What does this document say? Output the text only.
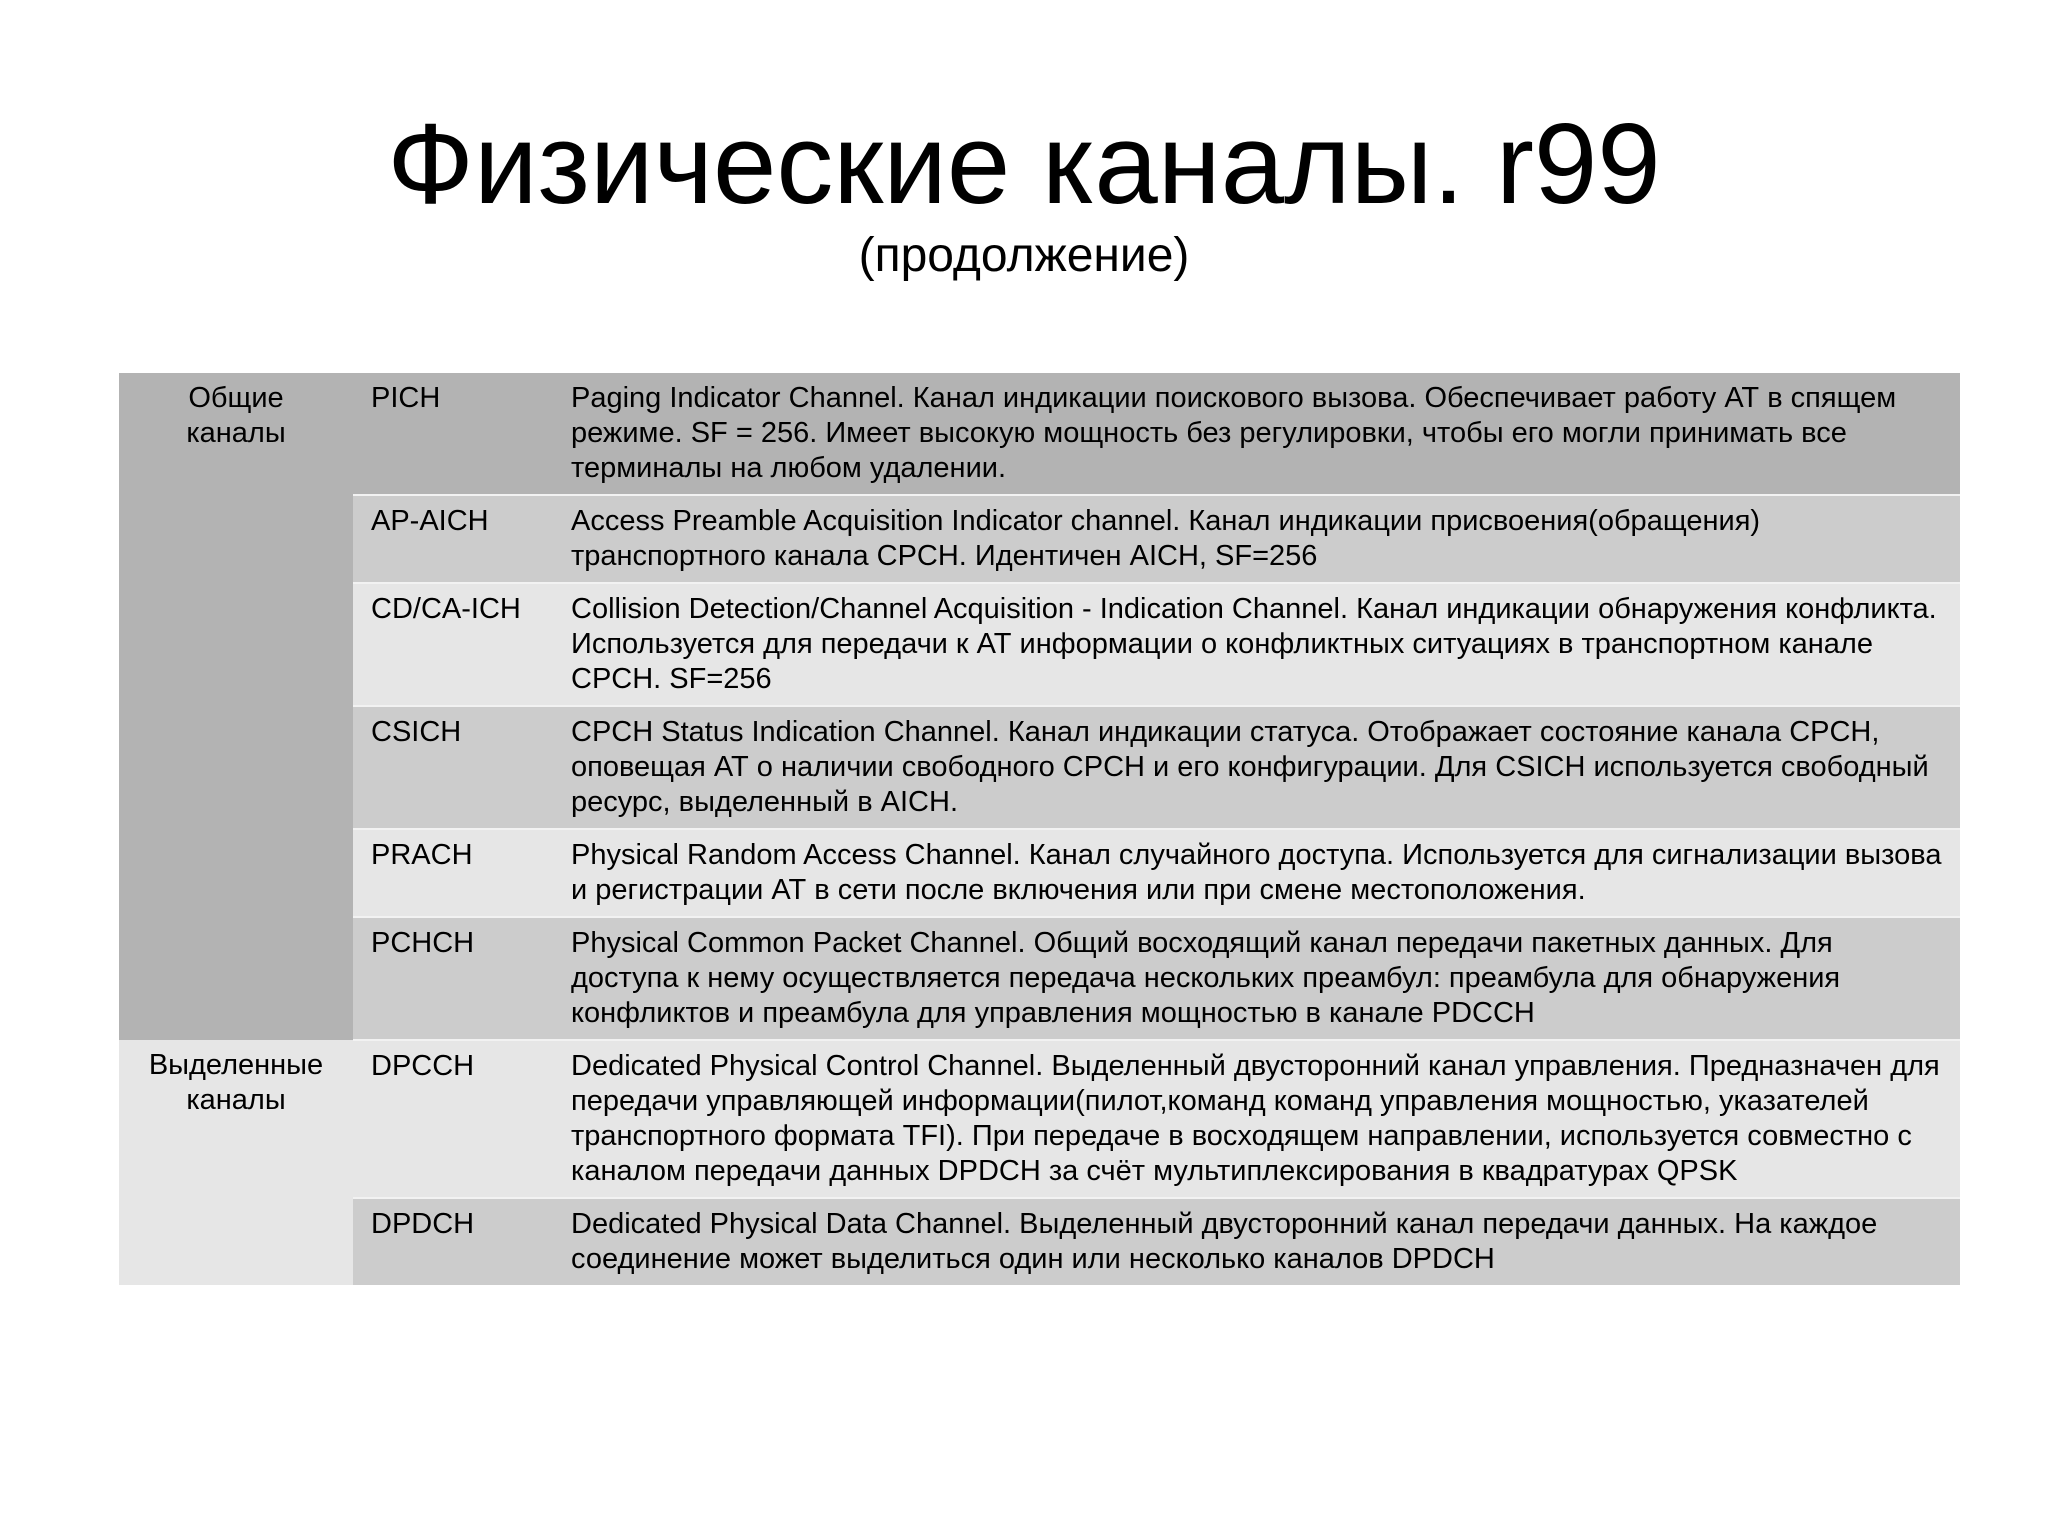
Физические каналы. r99
(продолжение)
Общие каналы	PICH	Paging Indicator Channel. Канал индикации поискового вызова. Обеспечивает работу АТ в спящем режиме. SF = 256. Имеет высокую мощность без регулировки, чтобы его могли принимать все терминалы на любом удалении.
	AP-AICH	Access Preamble Acquisition Indicator channel. Канал индикации присвоения(обращения) транспортного канала CPCH. Идентичен AICH, SF=256
	CD/CA-ICH	Collision Detection/Channel Acquisition - Indication Channel. Канал индикации обнаружения конфликта. Используется для передачи к АТ информации о конфликтных ситуациях в транспортном канале CPCH. SF=256
	CSICH	CPCH Status Indication Channel. Канал индикации статуса. Отображает состояние канала CPCH, оповещая АТ о наличии свободного CPCH и его конфигурации. Для CSICH используется свободный ресурс, выделенный в AICH.
	PRACH	Physical Random Access Channel. Канал случайного доступа. Используется для сигнализации вызова и регистрации АТ в сети после включения или при смене местоположения.
	PCHCH	Physical Common Packet Channel. Общий восходящий канал передачи пакетных данных. Для доступа к нему осуществляется передача нескольких преамбул: преамбула для обнаружения конфликтов и преамбула для управления мощностью в канале PDCCH
Выделенные каналы	DPCCH	Dedicated Physical Control Channel. Выделенный двусторонний канал управления. Предназначен для передачи управляющей информации(пилот,команд команд управления мощностью, указателей транспортного формата TFI). При передаче в восходящем направлении, используется совместно с каналом передачи данных DPDCH за счёт мультиплексирования в квадратурах QPSK
	DPDCH	Dedicated Physical Data Channel. Выделенный двусторонний канал передачи данных. На каждое соединение может выделиться один или несколько каналов DPDCH
